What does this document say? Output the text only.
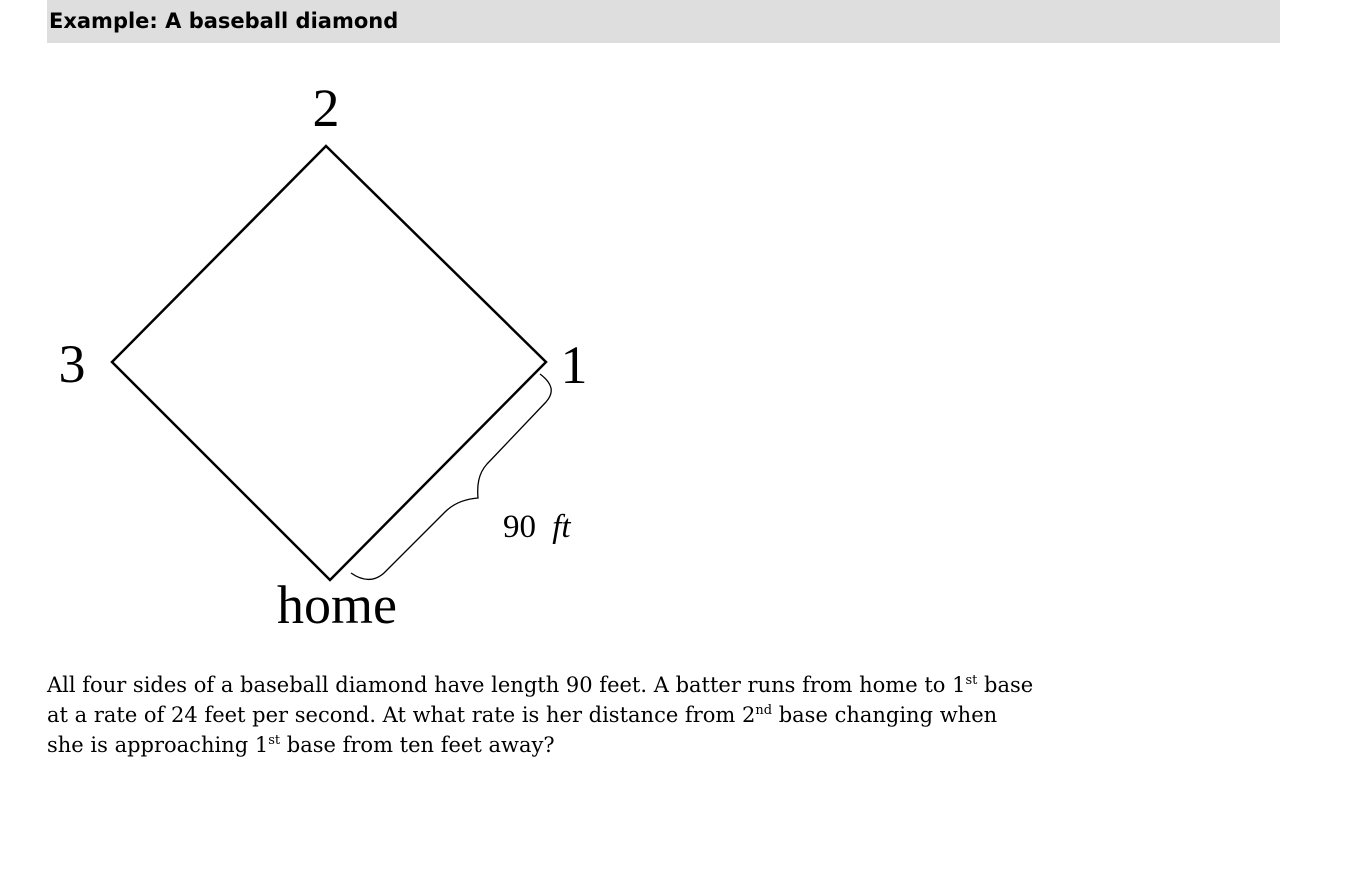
Example: A baseball diamond
2
3	1
home
90 ft
All four sides of a baseball diamond have length 90 feet. A batter runs from home to 1st base
at a rate of 24 feet per second. At what rate is her distance from 2nd base changing when
she is approaching 1st base from ten feet away?
